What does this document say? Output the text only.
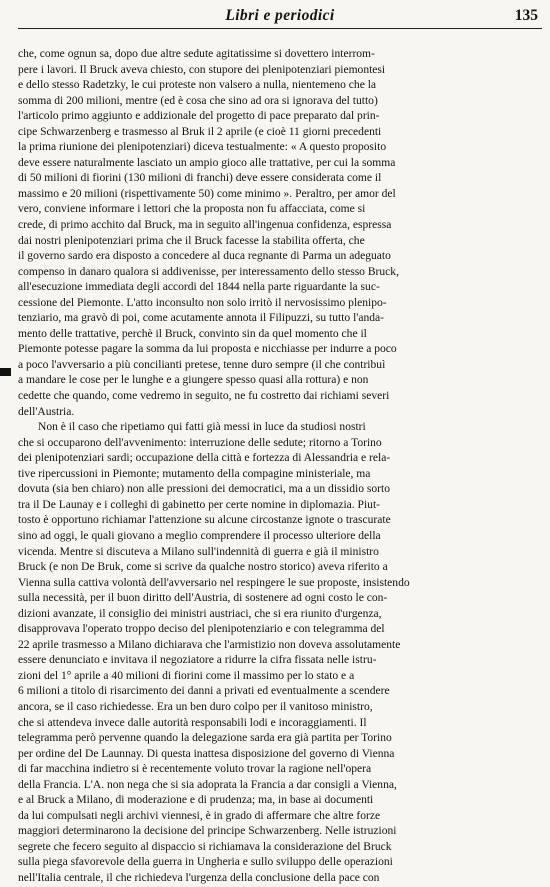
Libri e periodici	135
che, come ognun sa, dopo due altre sedute agitatissime si dovettero interrom-
pere i lavori. Il Bruck aveva chiesto, con stupore dei plenipotenziari piemontesi
e dello stesso Radetzky, le cui proteste non valsero a nulla, nientemeno che la
somma di 200 milioni, mentre (ed è cosa che sino ad ora si ignorava del tutto)
l'articolo primo aggiunto e addizionale del progetto di pace preparato dal prin-
cipe Schwarzenberg e trasmesso al Bruk il 2 aprile (e cioè 11 giorni precedenti
la prima riunione dei plenipotenziari) diceva testualmente: « A questo proposito
deve essere naturalmente lasciato un ampio gioco alle trattative, per cui la somma
di 50 milioni di fiorini (130 milioni di franchi) deve essere considerata come il
massimo e 20 milioni (rispettivamente 50) come minimo ». Peraltro, per amor del
vero, conviene informare i lettori che la proposta non fu affacciata, come si
crede, di primo acchito dal Bruck, ma in seguito all'ingenua confidenza, espressa
dai nostri plenipotenziari prima che il Bruck facesse la stabilita offerta, che
il governo sardo era disposto a concedere al duca regnante di Parma un adeguato
compenso in danaro qualora si addivenisse, per interessamento dello stesso Bruck,
all'esecuzione immediata degli accordi del 1844 nella parte riguardante la suc-
cessione del Piemonte. L'atto inconsulto non solo irritò il nervosissimo plenipo-
tenziario, ma gravò di poi, come acutamente annota il Filipuzzi, su tutto l'anda-
mento delle trattative, perchè il Bruck, convinto sin da quel momento che il
Piemonte potesse pagare la somma da lui proposta e nicchiasse per indurre a poco
a poco l'avversario a più concilianti pretese, tenne duro sempre (il che contribuì
a mandare le cose per le lunghe e a giungere spesso quasi alla rottura) e non
cedette che quando, come vedremo in seguito, ne fu costretto dai richiami severi
dell'Austria.
Non è il caso che ripetiamo qui fatti già messi in luce da studiosi nostri
che si occuparono dell'avvenimento: interruzione delle sedute; ritorno a Torino
dei plenipotenziari sardi; occupazione della città e fortezza di Alessandria e rela-
tive ripercussioni in Piemonte; mutamento della compagine ministeriale, ma
dovuta (sia ben chiaro) non alle pressioni dei democratici, ma a un dissidio sorto
tra il De Launay e i colleghi di gabinetto per certe nomine in diplomazia. Piut-
tosto è opportuno richiamar l'attenzione su alcune circostanze ignote o trascurate
sino ad oggi, le quali giovano a meglio comprendere il processo ulteriore della
vicenda. Mentre si discuteva a Milano sull'indennità di guerra e già il ministro
Bruck (e non De Bruk, come si scrive da qualche nostro storico) aveva riferito a
Vienna sulla cattiva volontà dell'avversario nel respingere le sue proposte, insistendo
sulla necessità, per il buon diritto dell'Austria, di sostenere ad ogni costo le con-
dizioni avanzate, il consiglio dei ministri austriaci, che si era riunito d'urgenza,
disapprovava l'operato troppo deciso del plenipotenziario e con telegramma del
22 aprile trasmesso a Milano dichiarava che l'armistizio non doveva assolutamente
essere denunciato e invitava il negoziatore a ridurre la cifra fissata nelle istru-
zioni del 1° aprile a 40 milioni di fiorini come il massimo per lo stato e a
6 milioni a titolo di risarcimento dei danni a privati ed eventualmente a scendere
ancora, se il caso richiedesse. Era un ben duro colpo per il vanitoso ministro,
che si attendeva invece dalle autorità responsabili lodi e incoraggiamenti. Il
telegramma però pervenne quando la delegazione sarda era già partita per Torino
per ordine del De Launnay. Di questa inattesa disposizione del governo di Vienna
di far macchina indietro si è recentemente voluto trovar la ragione nell'opera
della Francia. L'A. non nega che si sia adoprata la Francia a dar consigli a Vienna,
e al Bruck a Milano, di moderazione e di prudenza; ma, in base ai documenti
da lui compulsati negli archivi viennesi, è in grado di affermare che altre forze
maggiori determinarono la decisione del principe Schwarzenberg. Nelle istruzioni
segrete che fecero seguito al dispaccio si richiamava la considerazione del Bruck
sulla piega sfavorevole della guerra in Ungheria e sullo sviluppo delle operazioni
nell'Italia centrale, il che richiedeva l'urgenza della conclusione della pace con
